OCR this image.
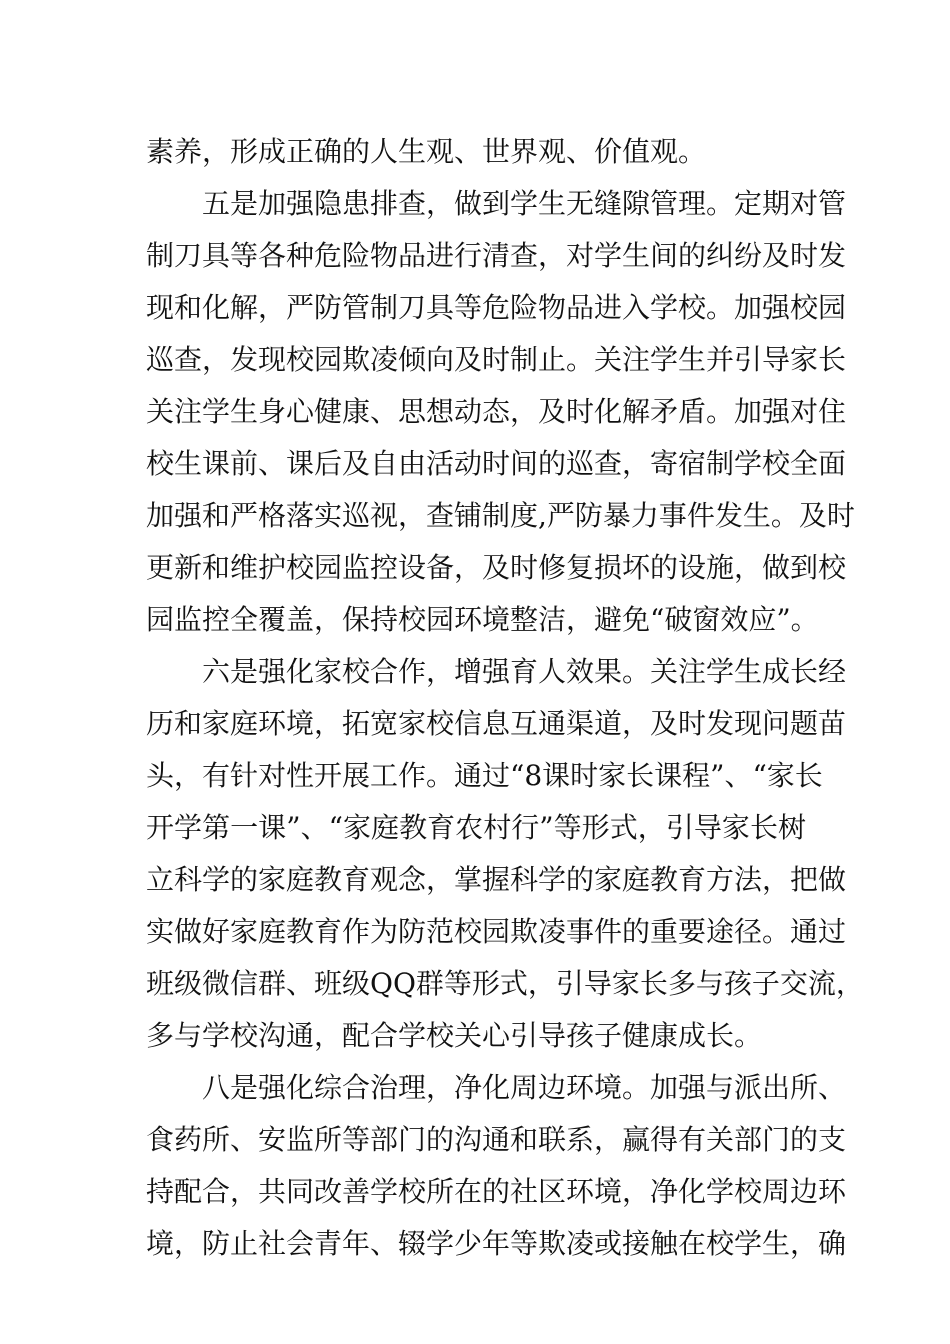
素养，形成正确的人生观、世界观、价值观。
五是加强隐患排查，做到学生无缝隙管理。定期对管
制刀具等各种危险物品进行清查，对学生间的纠纷及时发
现和化解，严防管制刀具等危险物品进入学校。加强校园
巡查，发现校园欺凌倾向及时制止。关注学生并引导家长
关注学生身心健康、思想动态，及时化解矛盾。加强对住
校生课前、课后及自由活动时间的巡查，寄宿制学校全面
加强和严格落实巡视，查铺制度,严防暴力事件发生。及时
更新和维护校园监控设备，及时修复损坏的设施，做到校
园监控全覆盖，保持校园环境整洁，避免“破窗效应”。
六是强化家校合作，增强育人效果。关注学生成长经
历和家庭环境，拓宽家校信息互通渠道，及时发现问题苗
头，有针对性开展工作。通过“8课时家长课程”、“家长
开学第一课”、“家庭教育农村行”等形式，引导家长树
立科学的家庭教育观念，掌握科学的家庭教育方法，把做
实做好家庭教育作为防范校园欺凌事件的重要途径。通过
班级微信群、班级QQ群等形式，引导家长多与孩子交流，
多与学校沟通，配合学校关心引导孩子健康成长。
八是强化综合治理，净化周边环境。加强与派出所、
食药所、安监所等部门的沟通和联系，赢得有关部门的支
持配合，共同改善学校所在的社区环境，净化学校周边环
境，防止社会青年、辍学少年等欺凌或接触在校学生，确
